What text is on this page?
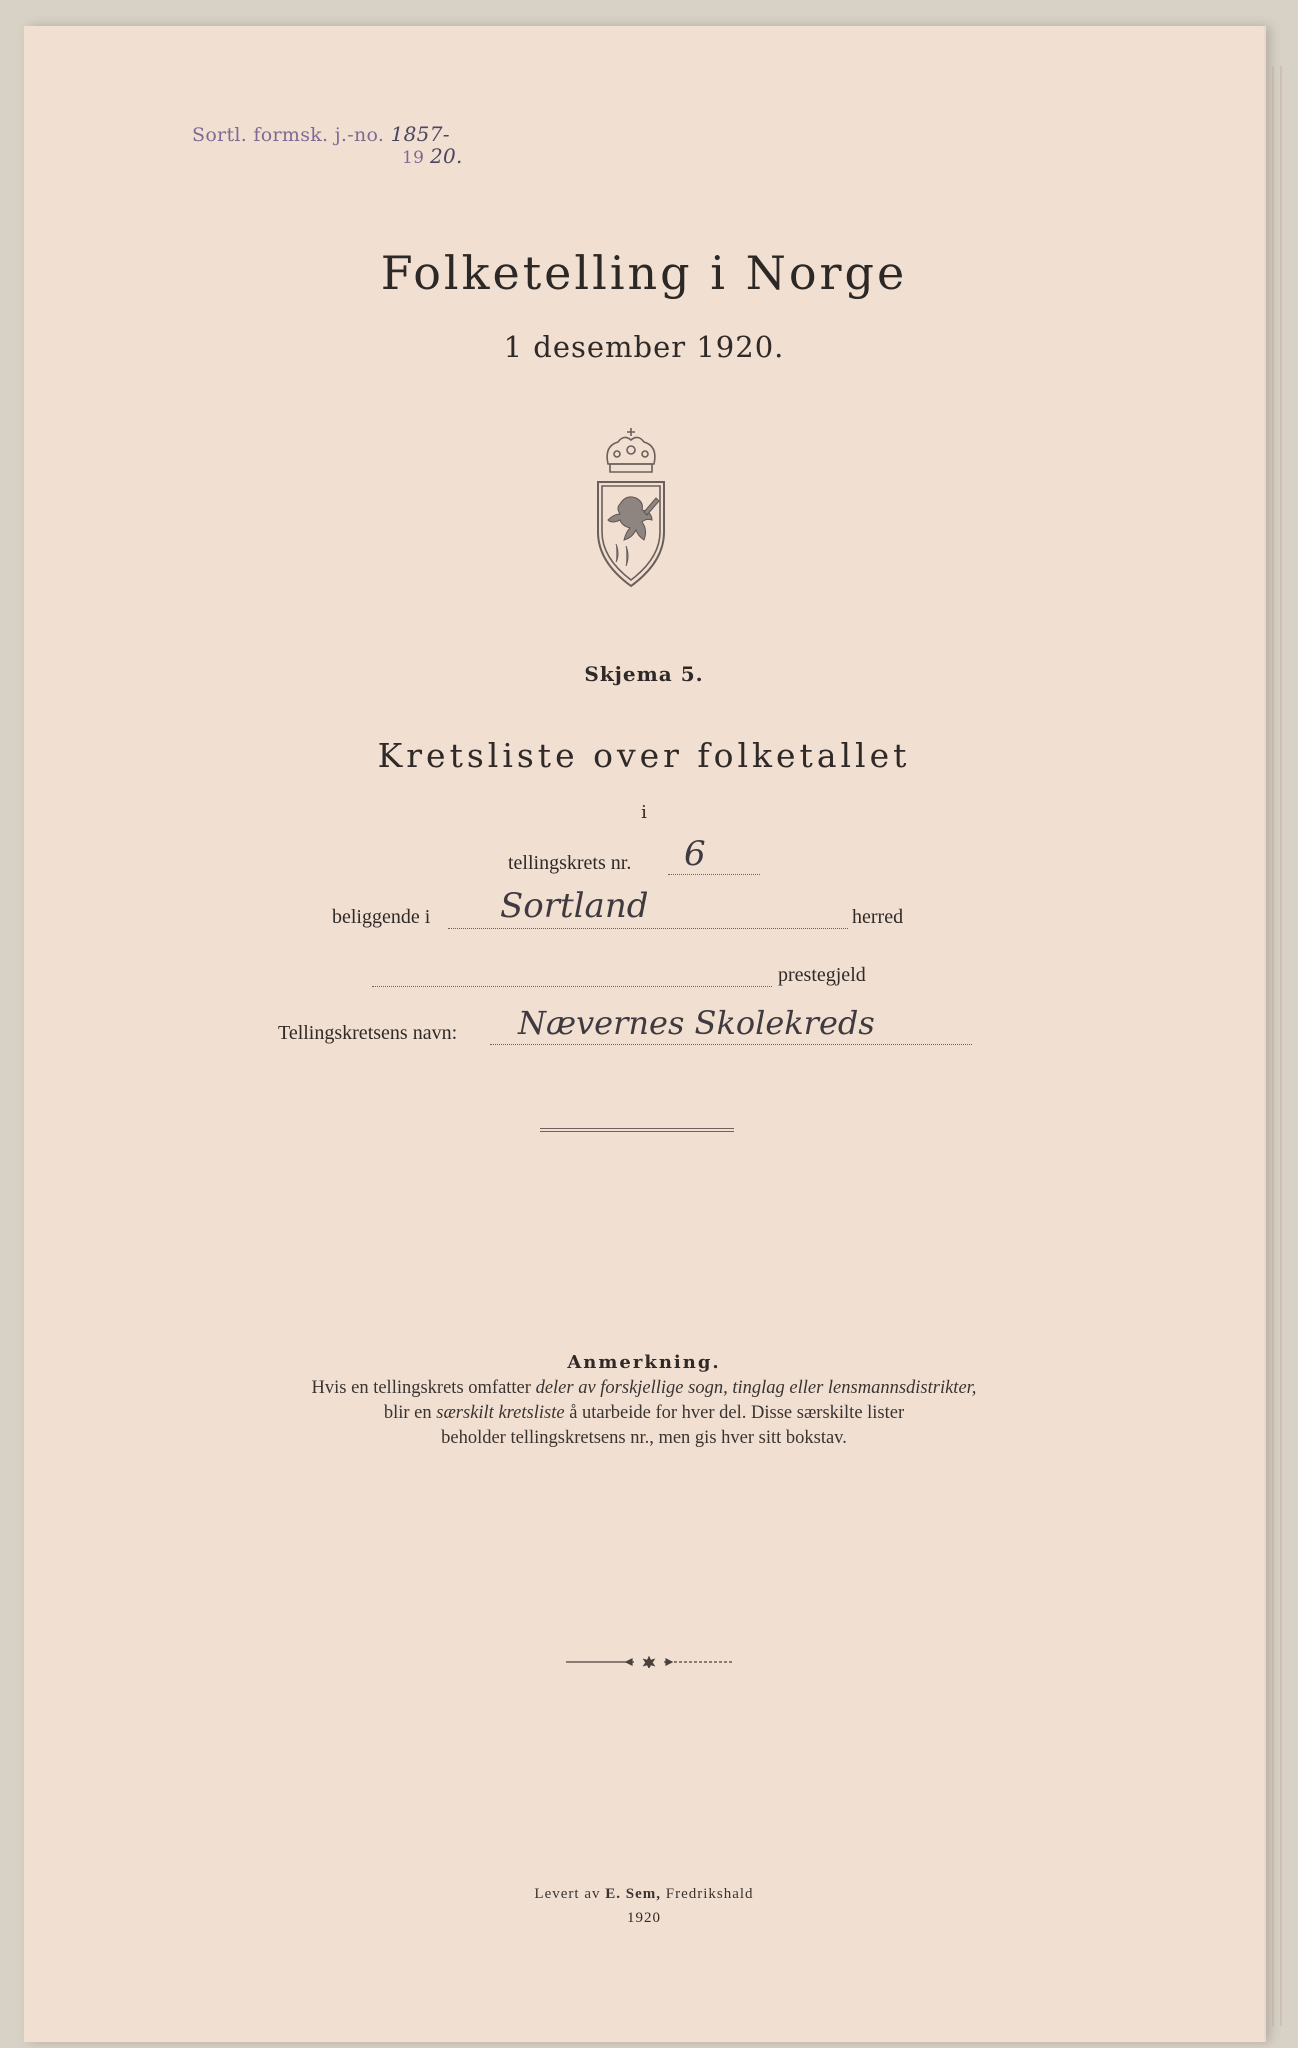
Sortl. formsk. j.-no. 1857-
19 20.
Folketelling i Norge
1 desember 1920.
Skjema 5.
Kretsliste over folketallet
i
tellingskrets nr. 6
beliggende i Sortland	herred
prestegjeld
Tellingskretsens navn: Nævernes Skolekreds
Anmerkning.
Hvis en tellingskrets omfatter deler av forskjellige sogn, tinglag eller lensmannsdistrikter,
blir en særskilt kretsliste å utarbeide for hver del. Disse særskilte lister
beholder tellingskretsens nr., men gis hver sitt bokstav.
Levert av E. Sem, Fredrikshald
1920
